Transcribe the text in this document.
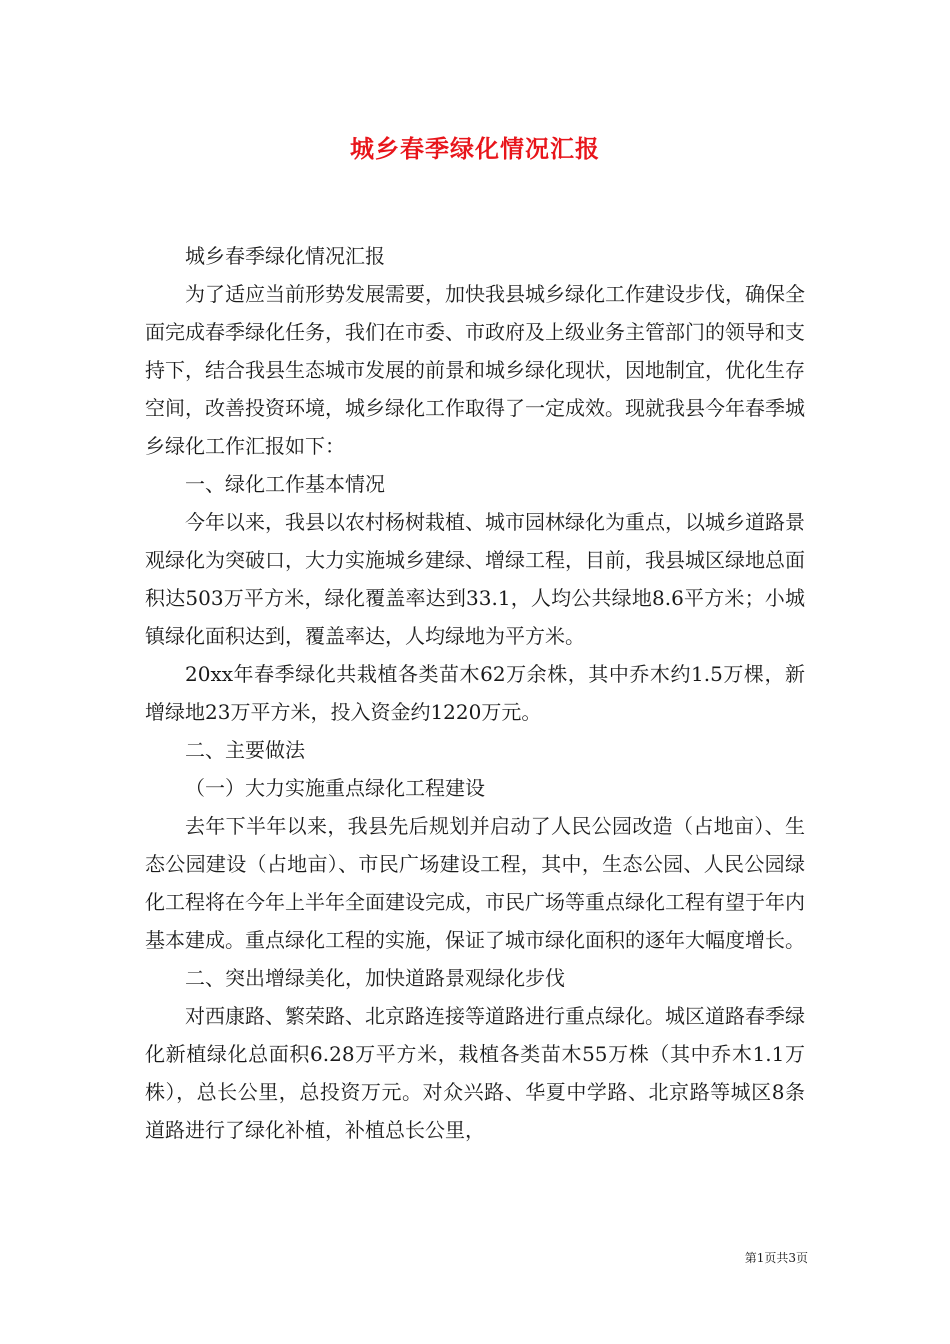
城乡春季绿化情况汇报

城乡春季绿化情况汇报

为了适应当前形势发展需要，加快我县城乡绿化工作建设步伐，确保全面完成春季绿化任务，我们在市委、市政府及上级业务主管部门的领导和支持下，结合我县生态城市发展的前景和城乡绿化现状，因地制宜，优化生存空间，改善投资环境，城乡绿化工作取得了一定成效。现就我县今年春季城乡绿化工作汇报如下：

一、绿化工作基本情况

今年以来，我县以农村杨树栽植、城市园林绿化为重点，以城乡道路景观绿化为突破口，大力实施城乡建绿、增绿工程，目前，我县城区绿地总面积达503万平方米，绿化覆盖率达到33.1，人均公共绿地8.6平方米；小城镇绿化面积达到，覆盖率达，人均绿地为平方米。

20xx年春季绿化共栽植各类苗木62万余株，其中乔木约1.5万棵，新增绿地23万平方米，投入资金约1220万元。

二、主要做法

（一）大力实施重点绿化工程建设

去年下半年以来，我县先后规划并启动了人民公园改造（占地亩）、生态公园建设（占地亩）、市民广场建设工程，其中，生态公园、人民公园绿化工程将在今年上半年全面建设完成，市民广场等重点绿化工程有望于年内基本建成。重点绿化工程的实施，保证了城市绿化面积的逐年大幅度增长。

二、突出增绿美化，加快道路景观绿化步伐

对西康路、繁荣路、北京路连接等道路进行重点绿化。城区道路春季绿化新植绿化总面积6.28万平方米，栽植各类苗木55万株（其中乔木1.1万株），总长公里，总投资万元。对众兴路、华夏中学路、北京路等城区8条道路进行了绿化补植，补植总长公里，

第1页共3页
